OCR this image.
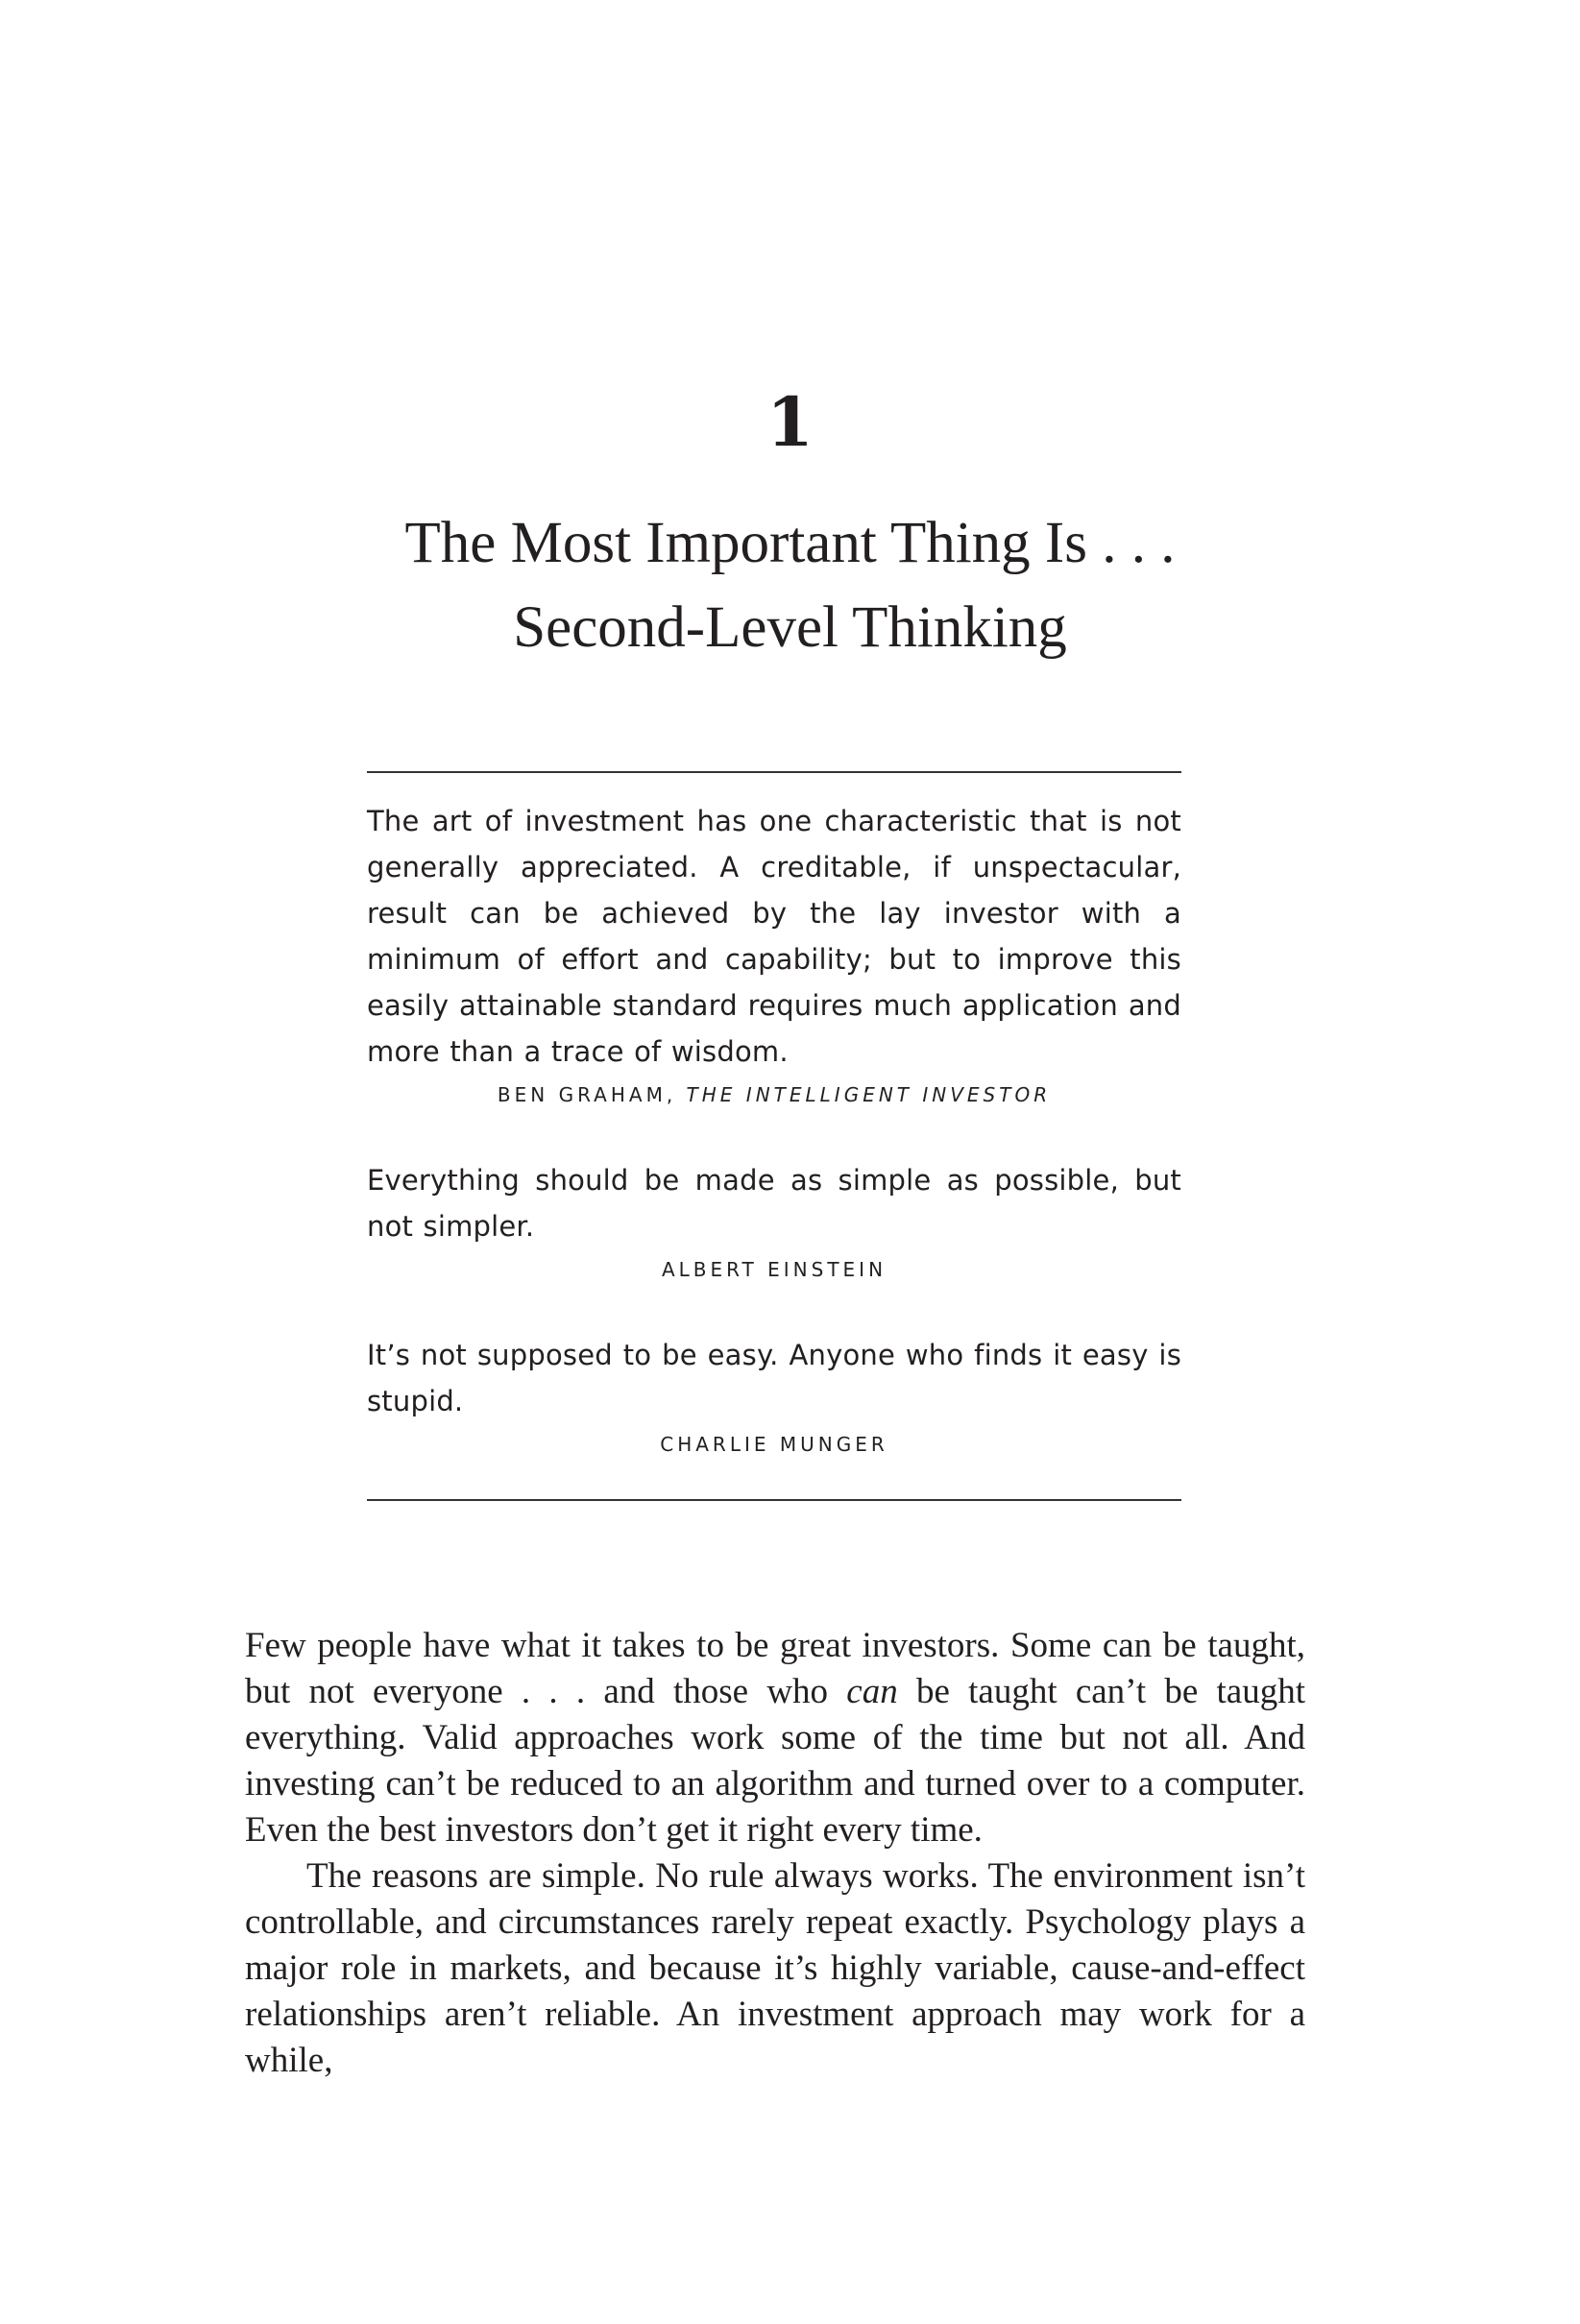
1
The Most Important Thing Is . . .
Second-Level Thinking
The art of investment has one characteristic that is not generally appreciated. A creditable, if unspectacular, result can be achieved by the lay investor with a minimum of effort and capability; but to improve this easily attainable standard requires much application and more than a trace of wisdom.
BEN GRAHAM, THE INTELLIGENT INVESTOR
Everything should be made as simple as possible, but not simpler.
ALBERT EINSTEIN
It’s not supposed to be easy. Anyone who finds it easy is stupid.
CHARLIE MUNGER

Few people have what it takes to be great investors. Some can be taught, but not everyone . . . and those who can be taught can’t be taught everything. Valid approaches work some of the time but not all. And investing can’t be reduced to an algorithm and turned over to a computer. Even the best investors don’t get it right every time.

The reasons are simple. No rule always works. The environment isn’t controllable, and circumstances rarely repeat exactly. Psychology plays a major role in markets, and because it’s highly variable, cause-and-effect relationships aren’t reliable. An investment approach may work for a while,
